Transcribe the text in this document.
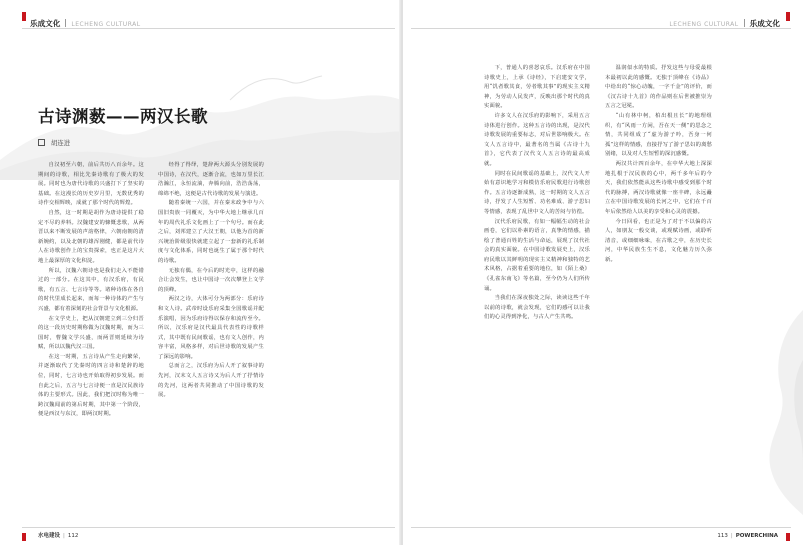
乐成文化 LECHENG CULTURAL
古诗渊薮——两汉长歌
胡连进

自汉初至六朝，前后共历八百余年。这期间的诗歌，相比先秦诗歌有了极大的发展。同时也为唐代诗歌的兴盛打下了坚实的基础。在这漫长的历史岁月里，无数优秀的诗作交相辉映，成就了那个时代的辉煌。

自然，这一时期是胡作为唐诗提供了稳定不尽的养料。汉魏建安的慷慨悲歌，从两晋以来不断发展的声韵格律，六朝南朝的清新婉约，以及北朝的雄浑刚健，都是前代诗人在诗歌创作上的宝贵探索，也正是这片大地上最深厚的文化积淀。

所以，汉魏六朝诗也是我们走入不能错过的一部分。在这其中，有汉乐府，有民歌，有五言、七言诗等等。诸种诗体在各自的时代里成长起来，而每一种诗体的产生与兴盛，都有着深刻的社会背景与文化根源。

在文学史上，把从汉朝建立到三分归晋的这一段历史时期称做为汉魏时期，而为三国时，曹魏文学兴盛，而两晋则延续为诗赋，所以以魏代汉三国。

在这一时期，五言诗从产生走向繁荣，并逐渐取代了先秦时的四言诗和楚辞的地位，同时，七言诗也开始取得初步发展。而自此之后，五言与七言诗便一直是汉民族诗体的主要形式。因此，我们把汉时称为唯一跨汉魏闻前的第后时期，其中第一个阶段，便是西汉与东汉，即两汉时期。

经得了得绎，楚辞两大源头分别发展的中国诗，在汉代，逐渐合流，也如万里长江浩瀚江，永恒流淌，奔腾向前，浩浩荡荡，绵绵不绝，这便是古代诗歌的发展与演进。

随着秦统一六国，并在秦末政争中与六国旧贵族一同覆灭，为中华大地上继承几百年的周代礼乐文化画上了一个句号。而在此之后，刘邦建立了大汉王朝，以他为首的新兴统治阶级很快就建立起了一套新的礼乐制度与文化体系，同时也诞生了属于那个时代的诗歌。

无独有偶，在今后的时光中，这样的融合让会发生，也让中国诗一次次攀登上文学的顶峰。

两汉之诗，大体可分为两部分：乐府诗和文人诗。武帝时设乐府采集全国歌谣并配乐演唱，因为乐府诗得以保存和流传至今。所以，汉乐府是汉代最具代表性的诗歌样式，其中既有民间歌谣，也有文人创作，内容丰富，风格多样，对后世诗歌的发展产生了深远的影响。

总而言之，汉乐府为后人开了叙事诗的先河，汉末文人五言诗又为后人开了抒情诗的先河，这两者共同推动了中国诗歌的发展。

水电建设 | 112
LECHENG CULTURAL 乐成文化

下，普通人的喜怒哀乐。汉乐府在中国诗歌史上，上承《诗经》，下启建安文学，用“饥者歌其食，劳者歌其事”的现实主义精神，为劳动人民发声，反映出那个时代的真实面貌。

许多文人在汉乐府的影响下，采用五言诗体进行创作。这种五言诗的出现，是汉代诗歌发展的重要标志，对后世影响极大。在文人五言诗中，最著名的当属《古诗十九首》，它代表了汉代文人五言诗的最高成就。

同时在民间歌谣的基础上，汉代文人开始有意识地学习和模仿乐府民歌进行诗歌创作。五言诗逐渐成熟，这一时期的文人五言诗，抒发了人生短暂、功名难成、游子思妇等情感，表现了乱世中文人的苦闷与彷徨。

汉代乐府民歌，有如一幅幅生动的社会画卷，它们以朴素的语言，真挚的情感，描绘了普通百姓的生活与命运，展现了汉代社会的真实面貌。在中国诗歌发展史上，汉乐府民歌以其鲜明的现实主义精神和独特的艺术风格，占据着重要的地位，如《陌上桑》《孔雀东南飞》等名篇，至今仍为人们所传诵。

当我们在深夜独处之际，读读这些千年以前的诗歌，就会发现，它们的感可以让我们的心灵得到净化，与古人产生共鸣。

温润似水的特质。抒发这些与母爱最根本最初以此的感慨。无独于顶峰在《诗品》中给出的“惊心动魄，一字千金”的评价，而《汉古诗十九首》的作品则在后世被推崇为五言之冠冕。

“山有林中柯，柏出根且长”的地理组织，有“风雨一方闲，吾在天一侧”的思念之情，共同组成了“虚为游子吟，吾身一何孤”这样的情感，直接抒写了游子思妇的离愁别绪，以及对人生短暂的深沉感慨。

两汉共计四百余年，在中华大地上深深地扎根于汉民族的心中，两千多年后的今天，我们依然能从这些诗歌中感受到那个时代的脉搏，两汉诗歌就像一座丰碑，永远矗立在中国诗歌发展的长河之中，它们在千百年后依然给人以美的享受和心灵的震撼。

今日回看，也正是为了对于不以偏的古人，如朋友一般交谈，或观赋诗画，或聆听清音，或细细咏味，在古歌之中，在历史长河，中华民族生生不息，文化魅力历久弥新。

113 | POWERCHINA
